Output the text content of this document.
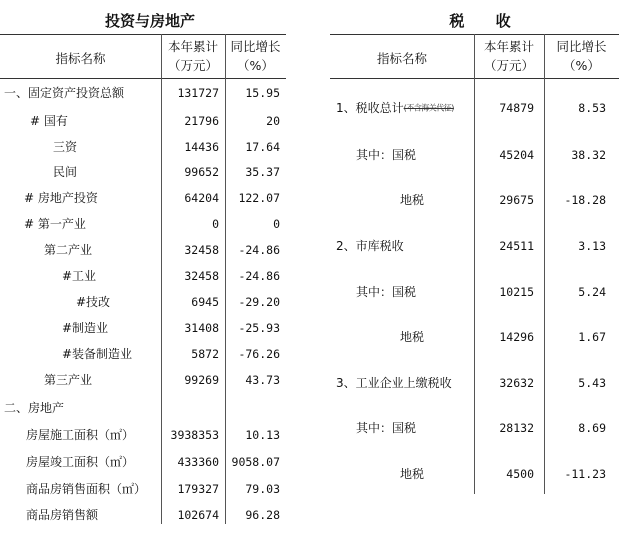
投资与房地产
指标名称
本年累计
（万元）
同比增长
（%）
一、固定资产投资总额	131727	15.95
# 国有	21796	20
三资	14436	17.64
民间	99652	35.37
# 房地产投资	64204	122.07
# 第一产业	0	0
第二产业	32458	-24.86
#工业	32458	-24.86
#技改	6945	-29.20
#制造业	31408	-25.93
#装备制造业	5872	-76.26
第三产业	99269	43.73
二、房地产
房屋施工面积（㎡）	3938353	10.13
房屋竣工面积（㎡）	433360	9058.07
商品房销售面积（㎡）	179327	79.03
商品房销售额	102674	96.28
税      收
指标名称
本年累计
（万元）
同比增长
（%）
1、税收总计(不含海关代征)	74879	8.53
其中：国税	45204	38.32
地税	29675	-18.28
2、市库税收	24511	3.13
其中：国税	10215	5.24
地税	14296	1.67
3、工业企业上缴税收	32632	5.43
其中：国税	28132	8.69
地税	4500	-11.23
